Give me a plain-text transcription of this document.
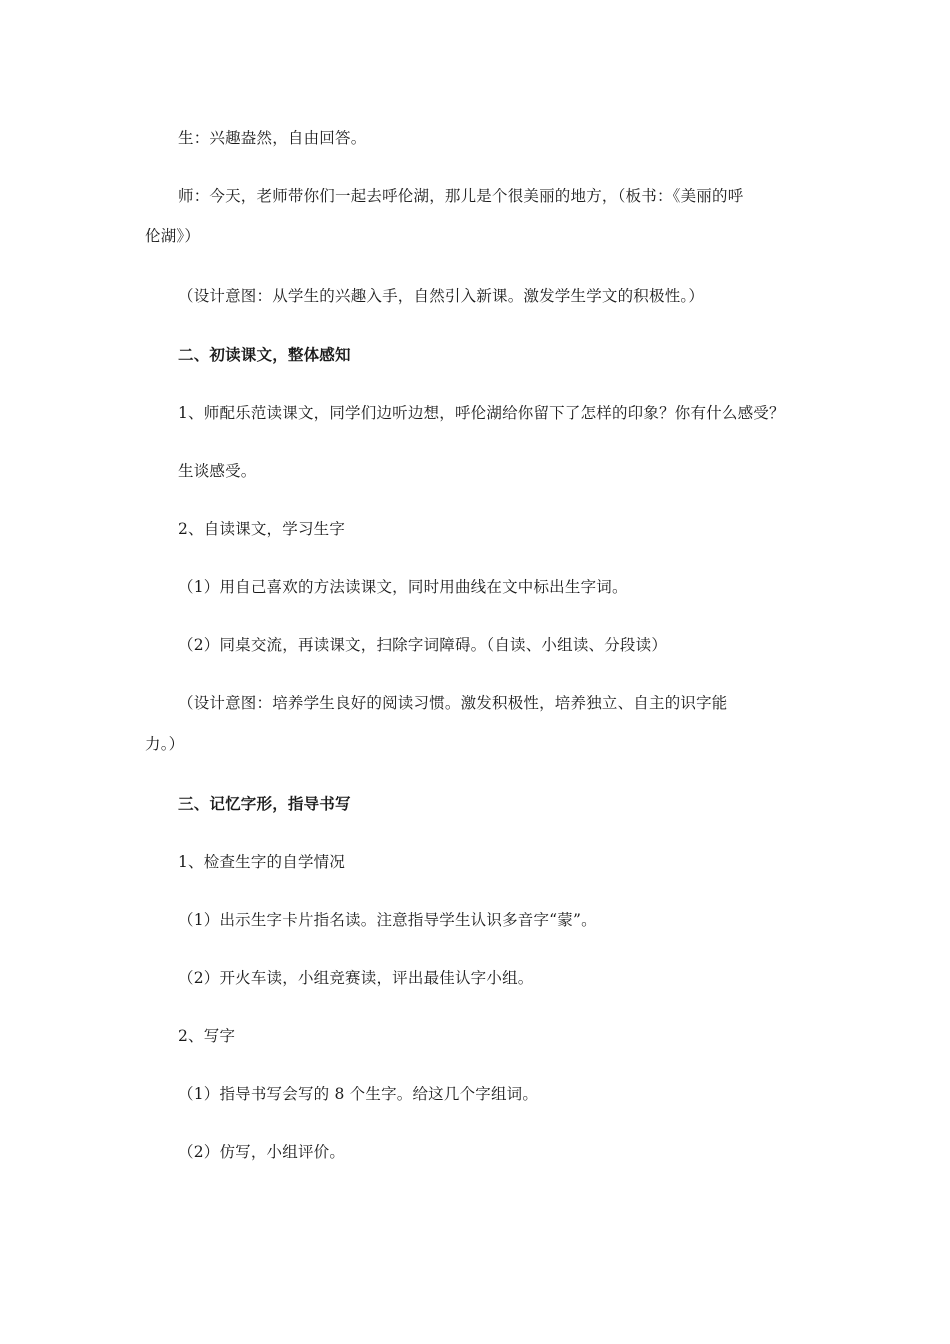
生：兴趣盎然，自由回答。
师：今天，老师带你们一起去呼伦湖，那儿是个很美丽的地方，（板书：《美丽的呼
伦湖》）
（设计意图：从学生的兴趣入手，自然引入新课。激发学生学文的积极性。）
二、初读课文，整体感知
1、师配乐范读课文，同学们边听边想，呼伦湖给你留下了怎样的印象？你有什么感受？
生谈感受。
2、自读课文，学习生字
（1）用自己喜欢的方法读课文，同时用曲线在文中标出生字词。
（2）同桌交流，再读课文，扫除字词障碍。（自读、小组读、分段读）
（设计意图：培养学生良好的阅读习惯。激发积极性，培养独立、自主的识字能
力。）
三、记忆字形，指导书写
1、检查生字的自学情况
（1）出示生字卡片指名读。注意指导学生认识多音字“蒙”。
（2）开火车读，小组竞赛读，评出最佳认字小组。
2、写字
（1）指导书写会写的 8 个生字。给这几个字组词。
（2）仿写，小组评价。
